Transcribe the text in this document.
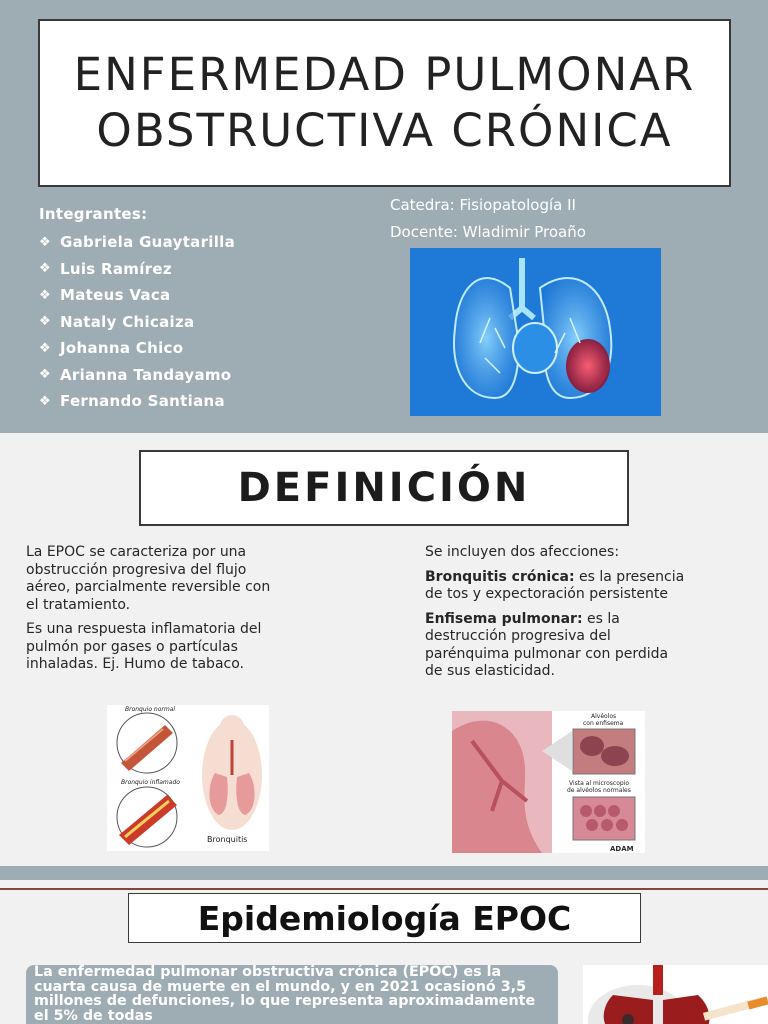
ENFERMEDAD PULMONAR
OBSTRUCTIVA CRÓNICA
Integrantes:
❖ Gabriela Guaytarilla
❖ Luis Ramírez
❖ Mateus Vaca
❖ Nataly Chicaiza
❖ Johanna Chico
❖ Arianna Tandayamo
❖ Fernando Santiana
Catedra: Fisiopatología II
Docente: Wladimir Proaño
DEFINICIÓN

La EPOC se caracteriza por una obstrucción progresiva del flujo aéreo, parcialmente reversible con el tratamiento.

Es una respuesta inflamatoria del pulmón por gases o partículas inhaladas. Ej. Humo de tabaco.

Se incluyen dos afecciones:

Bronquitis crónica: es la presencia de tos y expectoración persistente

Enfisema pulmonar: es la destrucción progresiva del parénquima pulmonar con perdida de sus elasticidad.

Bronquio normal
Bronquio inflamado
Bronquitis
Alvéolos
con enfisema
Vista al microscopio
de alvéolos normales
ADAM
Epidemiología EPOC
La enfermedad pulmonar obstructiva crónica (EPOC) es la cuarta causa de muerte en el mundo, y en 2021 ocasionó 3,5 millones de defunciones, lo que representa aproximadamente el 5% de todas
